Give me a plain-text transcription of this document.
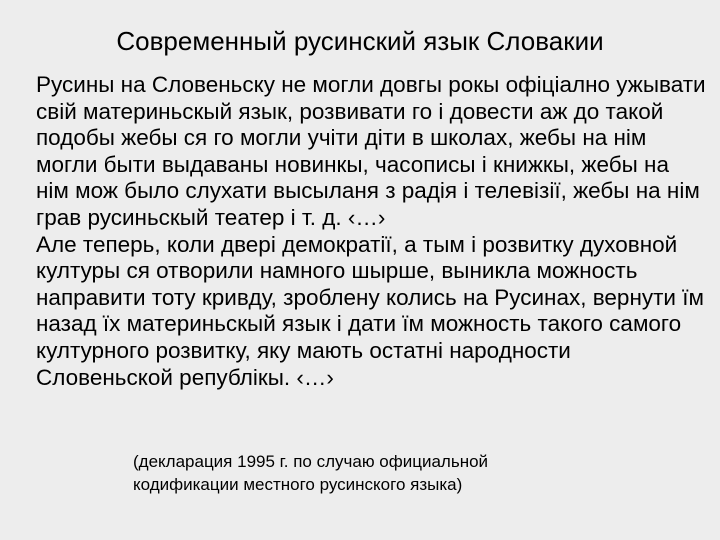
Современный русинский язык Словакии

Русины на Словеньску не могли довгы рокы офіціално ужывати свій материньскый язык, розвивати го і довести аж до такой подобы жебы ся го могли учіти діти в школах, жебы на нім могли быти выдаваны новинкы, часописы і книжкы, жебы на нім мож было слухати высыланя з радія і телевізії, жебы на нім грав русиньскый театер і т. д. ‹…›

Але теперь, коли двері демократії, а тым і розвитку духовной културы ся отворили намного шырше, выникла можность направити тоту кривду, зроблену колись на Русинах, вернути їм назад їх материньскый язык і дати їм можность такого самого културного розвитку, яку мають остатні народности Словеньской републікы. ‹…›

(декларация 1995 г. по случаю официальной

кодификации местного русинского языка)
